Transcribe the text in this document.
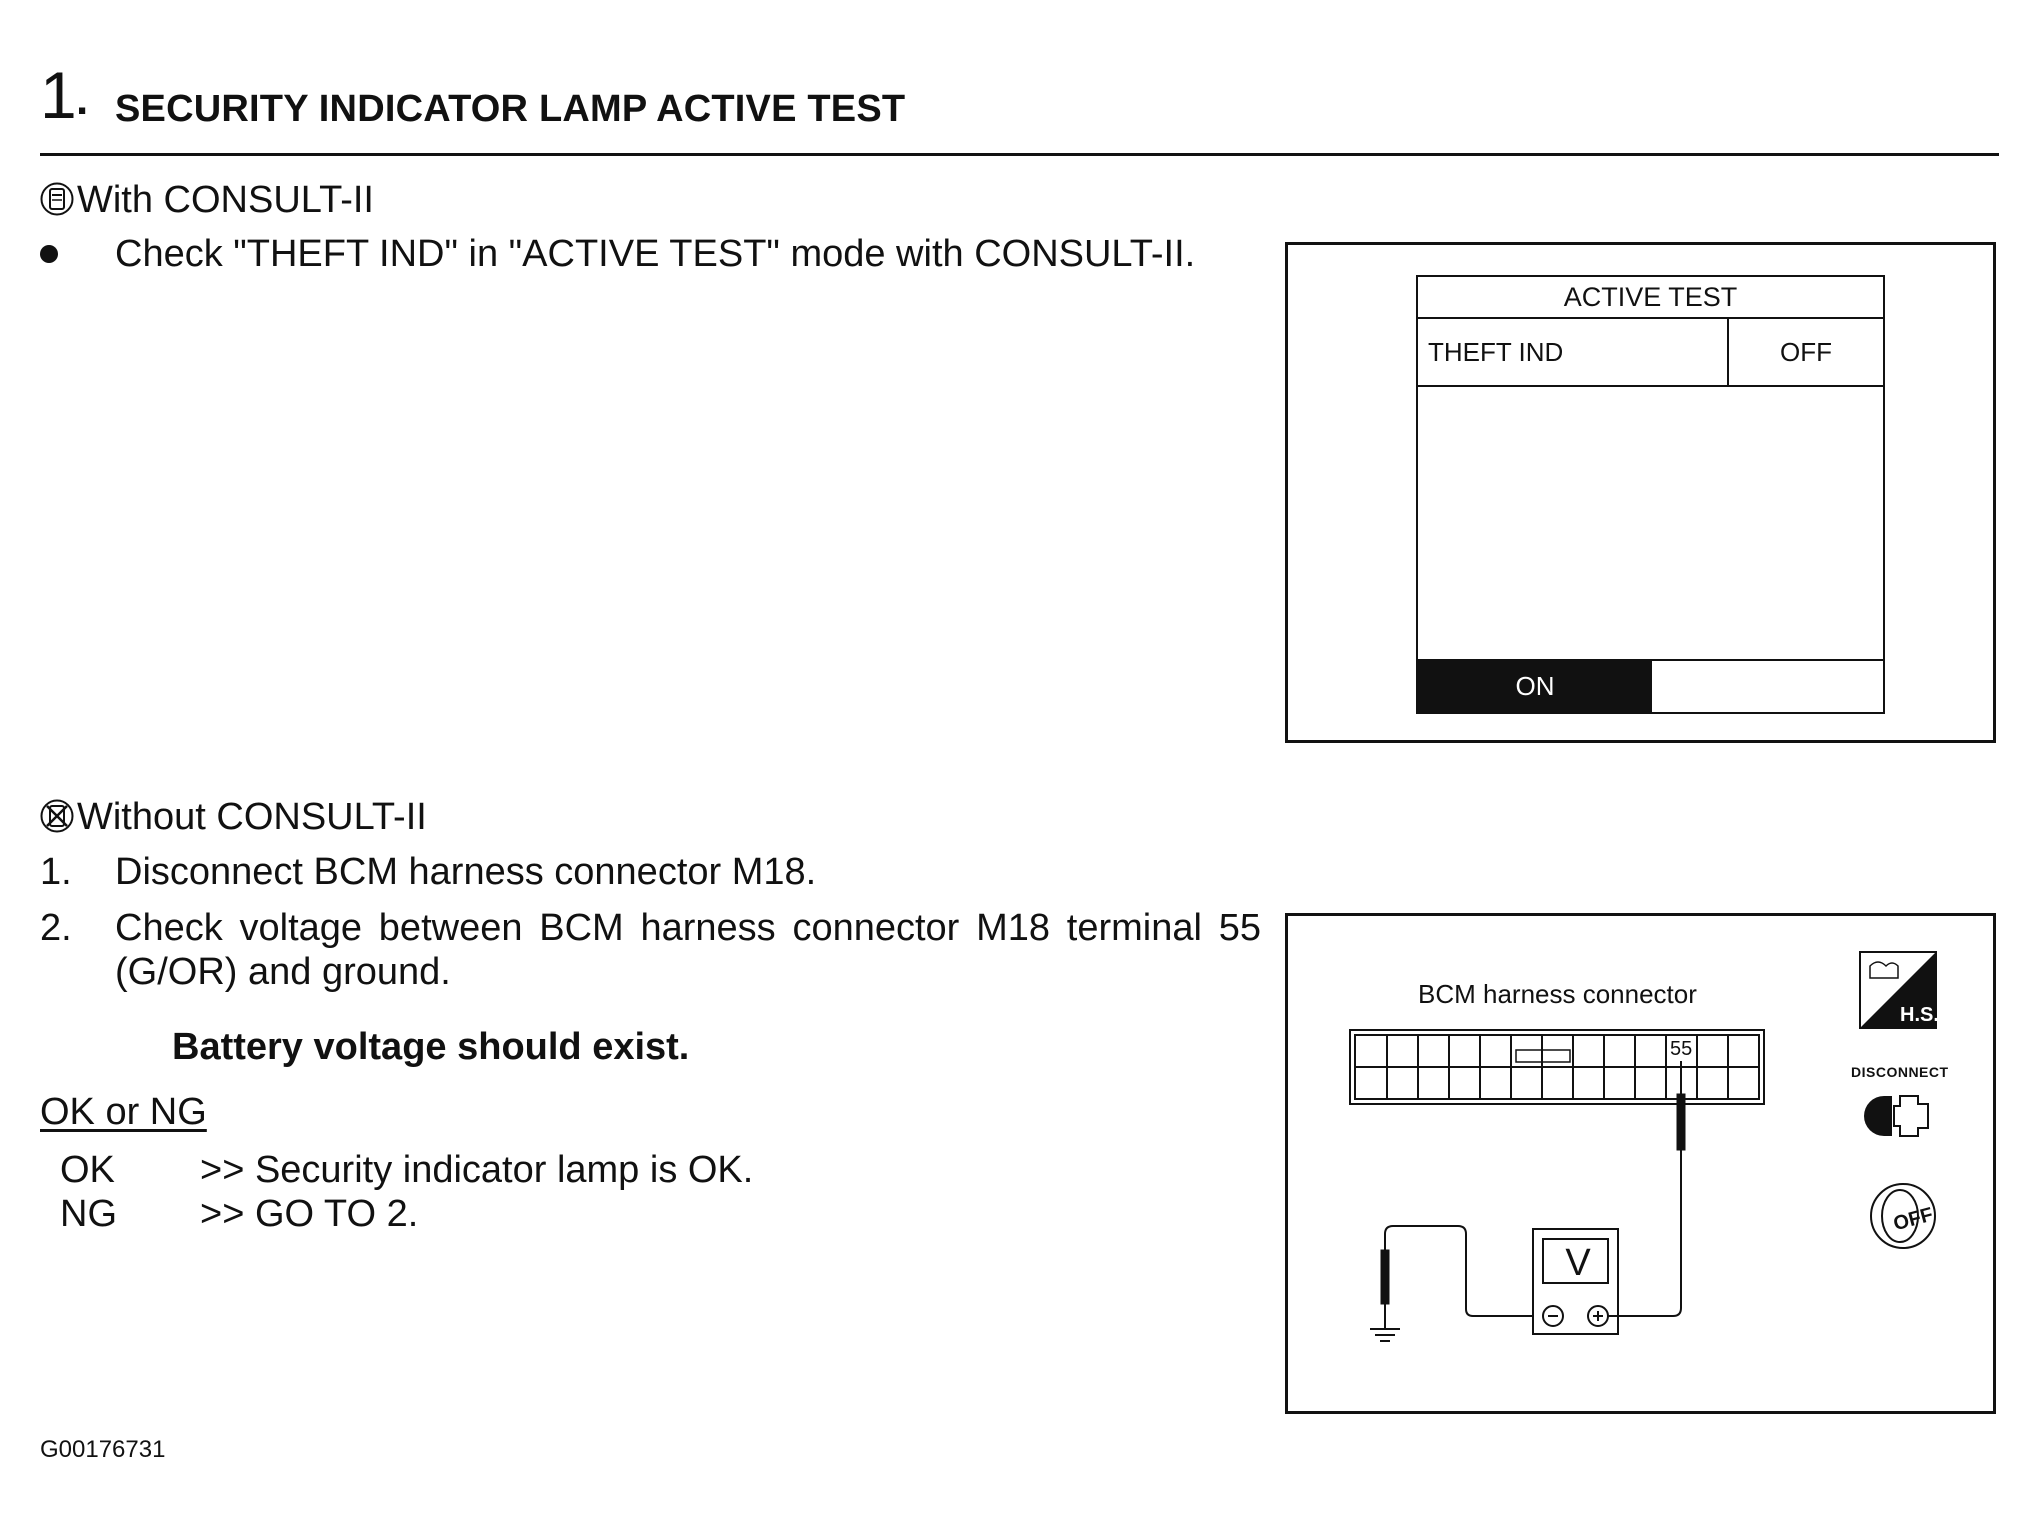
1 . SECURITY INDICATOR LAMP ACTIVE TEST
With CONSULT-II
Check "THEFT IND" in "ACTIVE TEST" mode with CONSULT-II.
ACTIVE TEST
THEFT IND	OFF
ON
Without CONSULT-II
1. Disconnect BCM harness connector M18.
2. Check voltage between BCM harness connector M18 terminal 55 (G/OR) and ground.
Battery voltage should exist.
H.S.
OFF
BCM harness connector
55
V
DISCONNECT
OK or NG
OK >> Security indicator lamp is OK.
NG >> GO TO 2.
G00176731
